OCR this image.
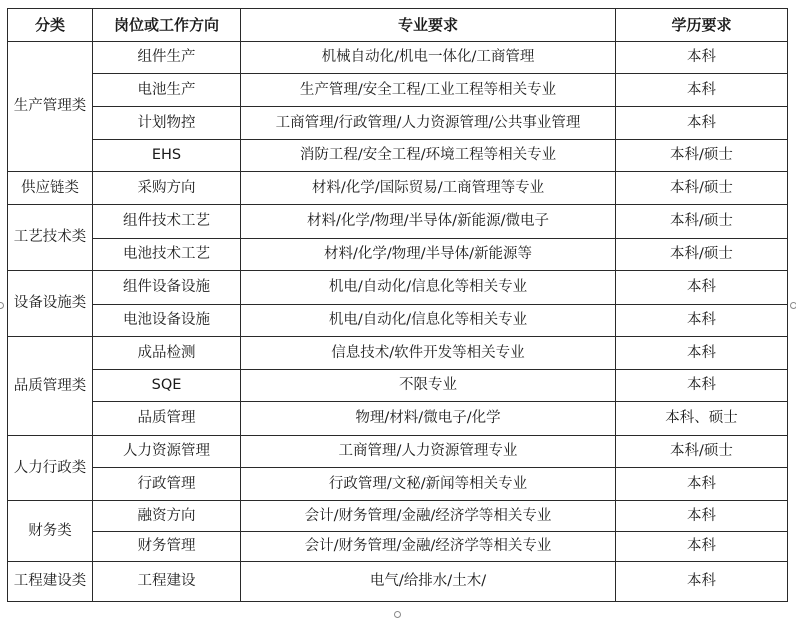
分类	岗位或工作方向	专业要求	学历要求
生产管理类	组件生产	机械自动化/机电一体化/工商管理	本科
	电池生产	生产管理/安全工程/工业工程等相关专业	本科
	计划物控	工商管理/行政管理/人力资源管理/公共事业管理	本科
	EHS	消防工程/安全工程/环境工程等相关专业	本科/硕士
供应链类	采购方向	材料/化学/国际贸易/工商管理等专业	本科/硕士
工艺技术类	组件技术工艺	材料/化学/物理/半导体/新能源/微电子	本科/硕士
	电池技术工艺	材料/化学/物理/半导体/新能源等	本科/硕士
设备设施类	组件设备设施	机电/自动化/信息化等相关专业	本科
	电池设备设施	机电/自动化/信息化等相关专业	本科
品质管理类	成品检测	信息技术/软件开发等相关专业	本科
	SQE	不限专业	本科
	品质管理	物理/材料/微电子/化学	本科、硕士
人力行政类	人力资源管理	工商管理/人力资源管理专业	本科/硕士
	行政管理	行政管理/文秘/新闻等相关专业	本科
财务类	融资方向	会计/财务管理/金融/经济学等相关专业	本科
	财务管理	会计/财务管理/金融/经济学等相关专业	本科
工程建设类	工程建设	电气/给排水/土木/	本科
